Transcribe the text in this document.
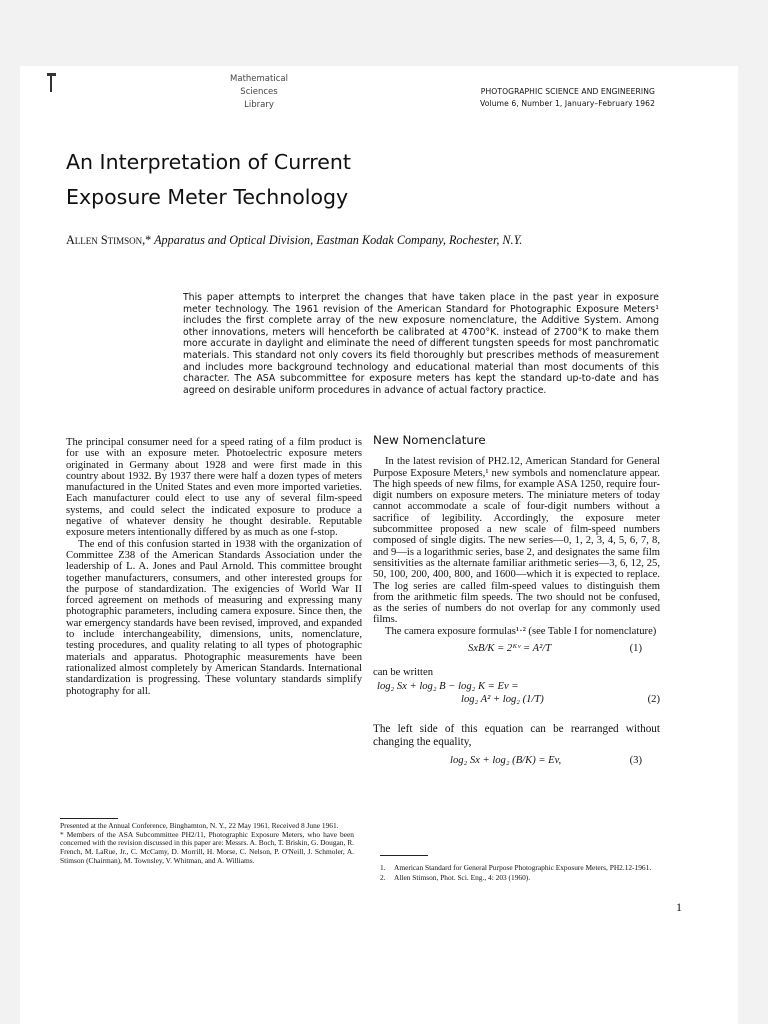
Mathematical
Sciences
Library
PHOTOGRAPHIC SCIENCE AND ENGINEERING
Volume 6, Number 1, January–February 1962
An Interpretation of Current
Exposure Meter Technology
Allen Stimson,* Apparatus and Optical Division, Eastman Kodak Company, Rochester, N.Y.
This paper attempts to interpret the changes that have taken place in the past year in exposure meter technology. The 1961 revision of the American Standard for Photographic Exposure Meters¹ includes the first complete array of the new exposure nomenclature, the Additive System. Among other innovations, meters will henceforth be calibrated at 4700°K. instead of 2700°K to make them more accurate in daylight and eliminate the need of different tungsten speeds for most panchromatic materials. This standard not only covers its field thoroughly but prescribes methods of measurement and includes more background technology and educational material than most documents of this character. The ASA subcommittee for exposure meters has kept the standard up-to-date and has agreed on desirable uniform procedures in advance of actual factory practice.

The principal consumer need for a speed rating of a film product is for use with an exposure meter. Photoelectric exposure meters originated in Germany about 1928 and were first made in this country about 1932. By 1937 there were half a dozen types of meters manufactured in the United States and even more imported varieties. Each manufacturer could elect to use any of several film-speed systems, and could select the indicated exposure to produce a negative of whatever density he thought desirable. Reputable exposure meters intentionally differed by as much as one f-stop.

The end of this confusion started in 1938 with the organization of Committee Z38 of the American Standards Association under the leadership of L. A. Jones and Paul Arnold. This committee brought together manufacturers, consumers, and other interested groups for the purpose of standardization. The exigencies of World War II forced agreement on methods of measuring and expressing many photographic parameters, including camera exposure. Since then, the war emergency standards have been revised, improved, and expanded to include interchangeability, dimensions, units, nomenclature, testing procedures, and quality relating to all types of photographic materials and apparatus. Photographic measurements have been rationalized almost completely by American Standards. International standardization is progressing. These voluntary standards simplify photography for all.

Presented at the Annual Conference, Binghamton, N. Y., 22 May 1961. Received 8 June 1961.

* Members of the ASA Subcommittee PH2/11, Photographic Exposure Meters, who have been concerned with the revision discussed in this paper are: Messrs. A. Boch, T. Briskin, G. Dougan, R. French, M. LaRue, Jr., C. McCamy, D. Morrill, H. Morse, C. Nelson, P. O'Neill, J. Schmoler, A. Stimson (Chairman), M. Townsley, V. Whitman, and A. Williams.

New Nomenclature

In the latest revision of PH2.12, American Standard for General Purpose Exposure Meters,¹ new symbols and nomenclature appear. The high speeds of new films, for example ASA 1250, require four-digit numbers on exposure meters. The miniature meters of today cannot accommodate a scale of four-digit numbers without a sacrifice of legibility. Accordingly, the exposure meter subcommittee proposed a new scale of film-speed numbers composed of single digits. The new series—0, 1, 2, 3, 4, 5, 6, 7, 8, and 9—is a logarithmic series, base 2, and designates the same film sensitivities as the alternate familiar arithmetic series—3, 6, 12, 25, 50, 100, 200, 400, 800, and 1600—which it is expected to replace. The log series are called film-speed values to distinguish them from the arithmetic film speeds. The two should not be confused, as the series of numbers do not overlap for any commonly used films.

The camera exposure formulas¹·² (see Table I for nomenclature)

SxB/K = 2ᴷᵛ = A²/T	(1)

can be written

log₂ Sx + log₂ B − log₂ K = Ev =
log₂ A² + log₂ (1/T)	(2)

The left side of this equation can be rearranged without changing the equality,

log₂ Sx + log₂ (B/K) = Ev,	(3)
1.	American Standard for General Purpose Photographic Exposure Meters, PH2.12-1961.
2.	Allen Stimson, Phot. Sci. Eng., 4: 203 (1960).
1
